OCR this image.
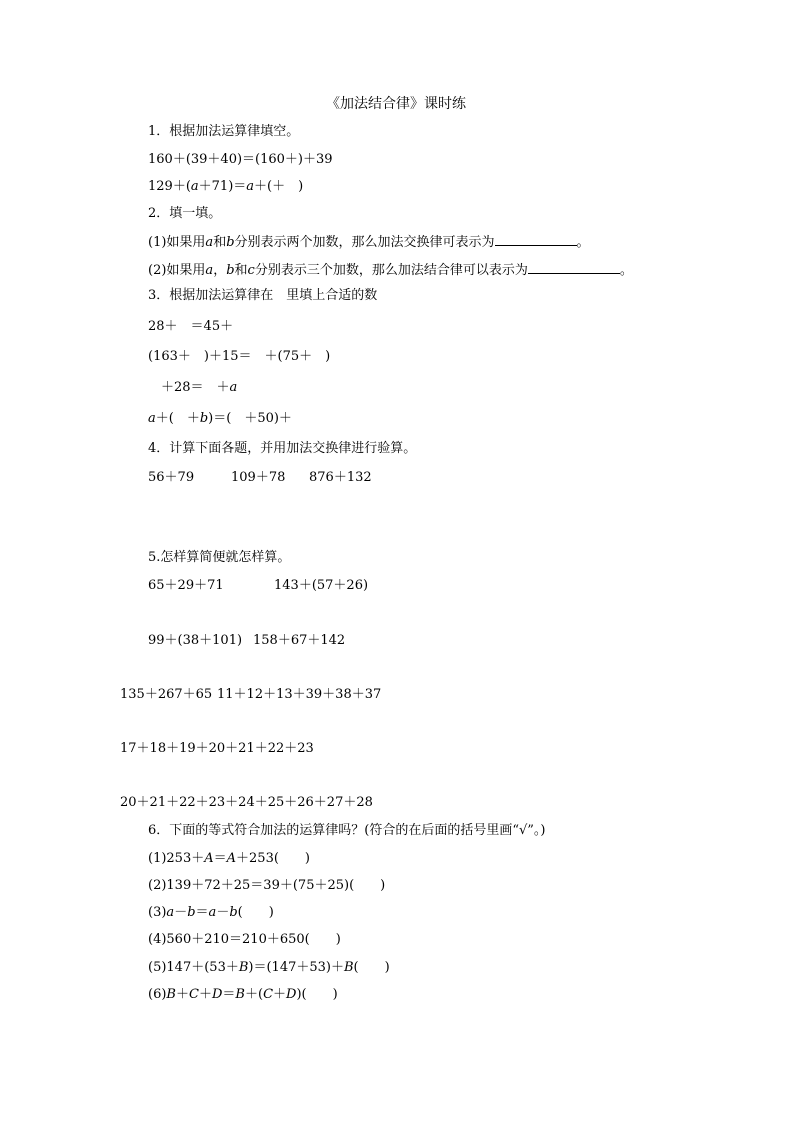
《加法结合律》课时练
1．根据加法运算律填空。
160＋(39＋40)＝(160＋)＋39
129＋(a＋71)＝a＋(＋　)
2．填一填。
(1)如果用a和b分别表示两个加数，那么加法交换律可表示为	。
(2)如果用a，b和c分别表示三个加数，那么加法结合律可以表示为	。
3．根据加法运算律在　里填上合适的数
28＋　＝45＋
(163＋　)＋15＝　＋(75＋　)
＋28＝　＋a
a＋(　＋b)＝(　＋50)＋
4．计算下面各题，并用加法交换律进行验算。
56＋79	109＋78 876＋132
5.怎样算简便就怎样算。
65＋29＋71	143＋(57＋26)
99＋(38＋101) 158＋67＋142
135＋267＋65 11＋12＋13＋39＋38＋37
17＋18＋19＋20＋21＋22＋23
20＋21＋22＋23＋24＋25＋26＋27＋28
6．下面的等式符合加法的运算律吗？(符合的在后面的括号里画“√”。)
(1)253＋A＝A＋253(　　)
(2)139＋72＋25＝39＋(75＋25)(　　)
(3)a－b＝a－b(　　)
(4)560＋210＝210＋650(　　)
(5)147＋(53＋B)＝(147＋53)＋B(　　)
(6)B＋C＋D＝B＋(C＋D)(　　)
